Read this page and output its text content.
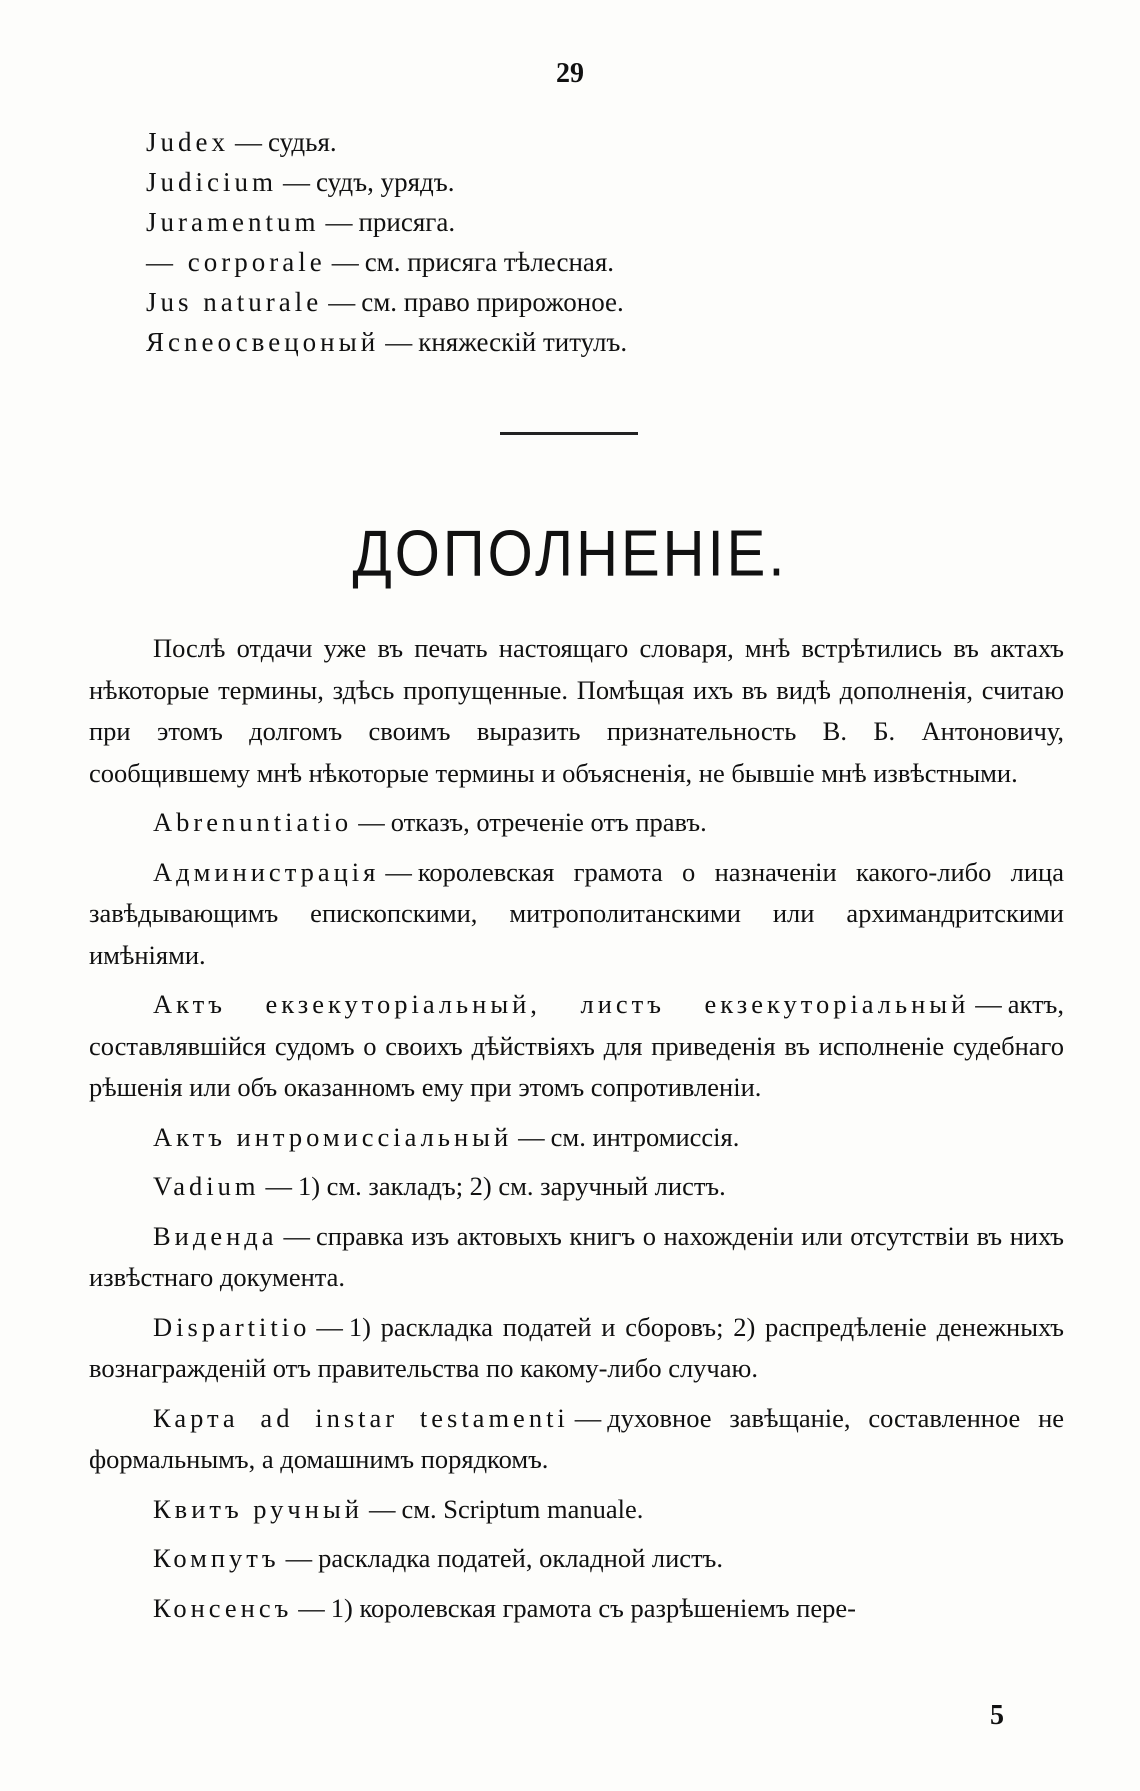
29
Judex — судья.
Judicium — судъ, урядъ.
Juramentum — присяга.
— corporale — см. присяга тѣлесная.
Jus naturale — см. право прирожоное.
Ясneосвецоный — княжескій титулъ.
ДОПОЛНЕНІЕ.

Послѣ отдачи уже въ печать настоящаго словаря, мнѣ встрѣтились въ актахъ нѣкоторые термины, здѣсь пропущенные. Помѣщая ихъ въ видѣ дополненія, считаю при этомъ долгомъ своимъ выразить признательность В. Б. Антоновичу, сообщившему мнѣ нѣкоторые термины и объясненія, не бывшіе мнѣ извѣстными.

Abrenuntiatio — отказъ, отреченіе отъ правъ.

Администрація — королевская грамота о назначеніи какого-либо лица завѣдывающимъ епископскими, митрополитанскими или архимандритскими имѣніями.

Актъ екзекуторіальный, листъ екзекуторіальный — актъ, составлявшійся судомъ о своихъ дѣйствіяхъ для приведенія въ исполненіе судебнаго рѣшенія или объ оказанномъ ему при этомъ сопротивленіи.

Актъ интромиссіальный — см. интромиссія.

Vadium — 1) см. закладъ; 2) см. заручный листъ.

Виденда — справка изъ актовыхъ книгъ о нахожденіи или отсутствіи въ нихъ извѣстнаго документа.

Dispartitio — 1) раскладка податей и сборовъ; 2) распредѣленіе денежныхъ вознагражденій отъ правительства по какому-либо случаю.

Карта ad instar testamenti — духовное завѣщаніе, составленное не формальнымъ, а домашнимъ порядкомъ.

Квитъ ручный — см. Scriptum manuale.

Компутъ — раскладка податей, окладной листъ.

Консенсъ — 1) королевская грамота съ разрѣшеніемъ пере-

5
